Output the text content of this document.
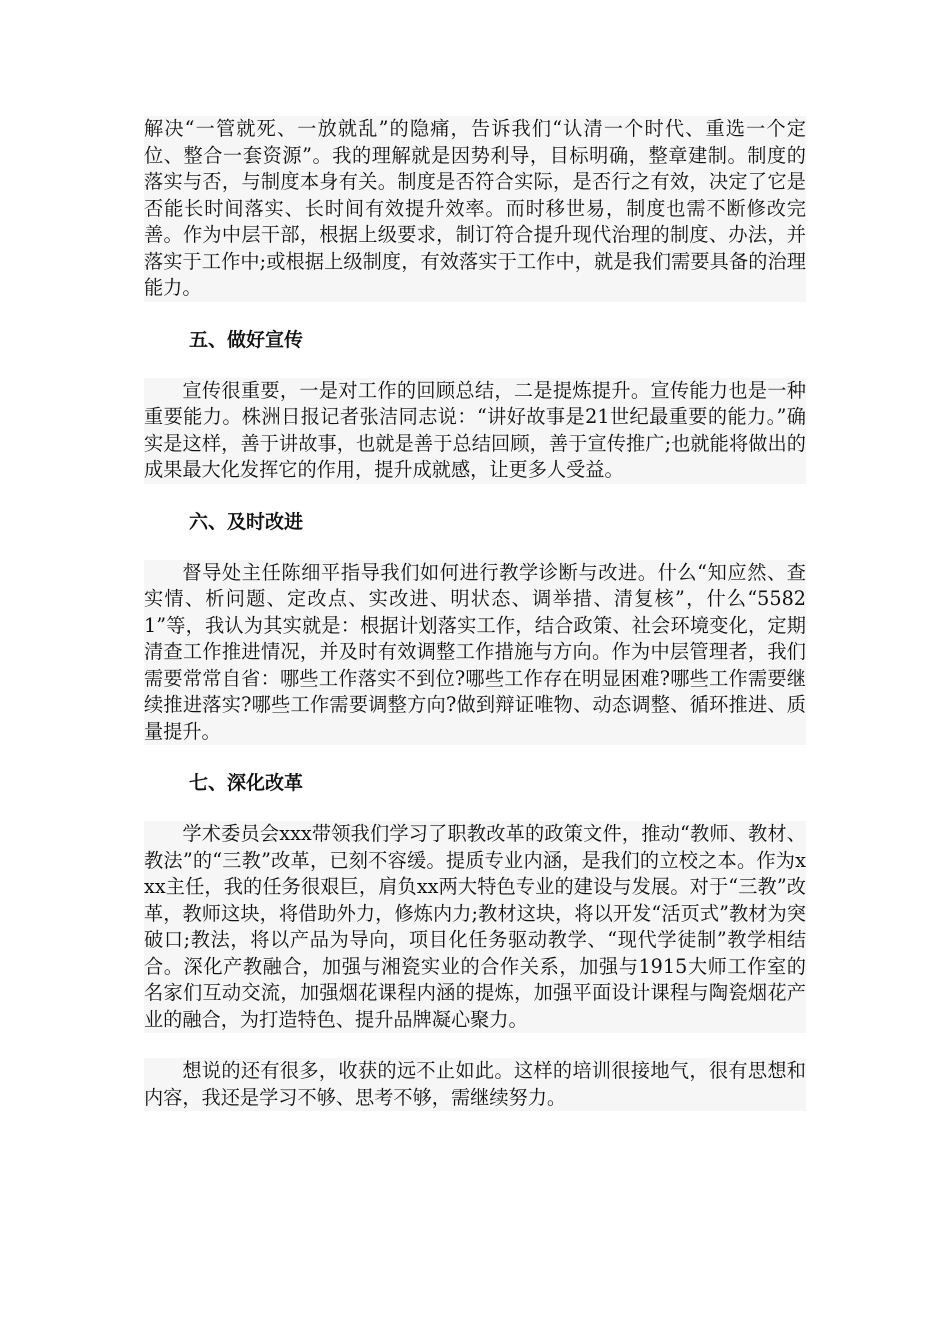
解决“一管就死、一放就乱”的隐痛，告诉我们“认清一个时代、重选一个定位、整合一套资源”。我的理解就是因势利导，目标明确，整章建制。制度的落实与否，与制度本身有关。制度是否符合实际，是否行之有效，决定了它是否能长时间落实、长时间有效提升效率。而时移世易，制度也需不断修改完善。作为中层干部，根据上级要求，制订符合提升现代治理的制度、办法，并落实于工作中;或根据上级制度，有效落实于工作中，就是我们需要具备的治理能力。

五、做好宣传

宣传很重要，一是对工作的回顾总结，二是提炼提升。宣传能力也是一种重要能力。株洲日报记者张洁同志说：“讲好故事是21世纪最重要的能力。”确实是这样，善于讲故事，也就是善于总结回顾，善于宣传推广;也就能将做出的成果最大化发挥它的作用，提升成就感，让更多人受益。

六、及时改进

督导处主任陈细平指导我们如何进行教学诊断与改进。什么“知应然、查实情、析问题、定改点、实改进、明状态、调举措、清复核”，什么“55821”等，我认为其实就是：根据计划落实工作，结合政策、社会环境变化，定期清查工作推进情况，并及时有效调整工作措施与方向。作为中层管理者，我们需要常常自省：哪些工作落实不到位?哪些工作存在明显困难?哪些工作需要继续推进落实?哪些工作需要调整方向?做到辩证唯物、动态调整、循环推进、质量提升。

七、深化改革

学术委员会xxx带领我们学习了职教改革的政策文件，推动“教师、教材、教法”的“三教”改革，已刻不容缓。提质专业内涵，是我们的立校之本。作为xxx主任，我的任务很艰巨，肩负xx两大特色专业的建设与发展。对于“三教”改革，教师这块，将借助外力，修炼内力;教材这块，将以开发“活页式”教材为突破口;教法，将以产品为导向，项目化任务驱动教学、“现代学徒制”教学相结合。深化产教融合，加强与湘瓷实业的合作关系，加强与1915大师工作室的名家们互动交流，加强烟花课程内涵的提炼，加强平面设计课程与陶瓷烟花产业的融合，为打造特色、提升品牌凝心聚力。

想说的还有很多，收获的远不止如此。这样的培训很接地气，很有思想和内容，我还是学习不够、思考不够，需继续努力。
